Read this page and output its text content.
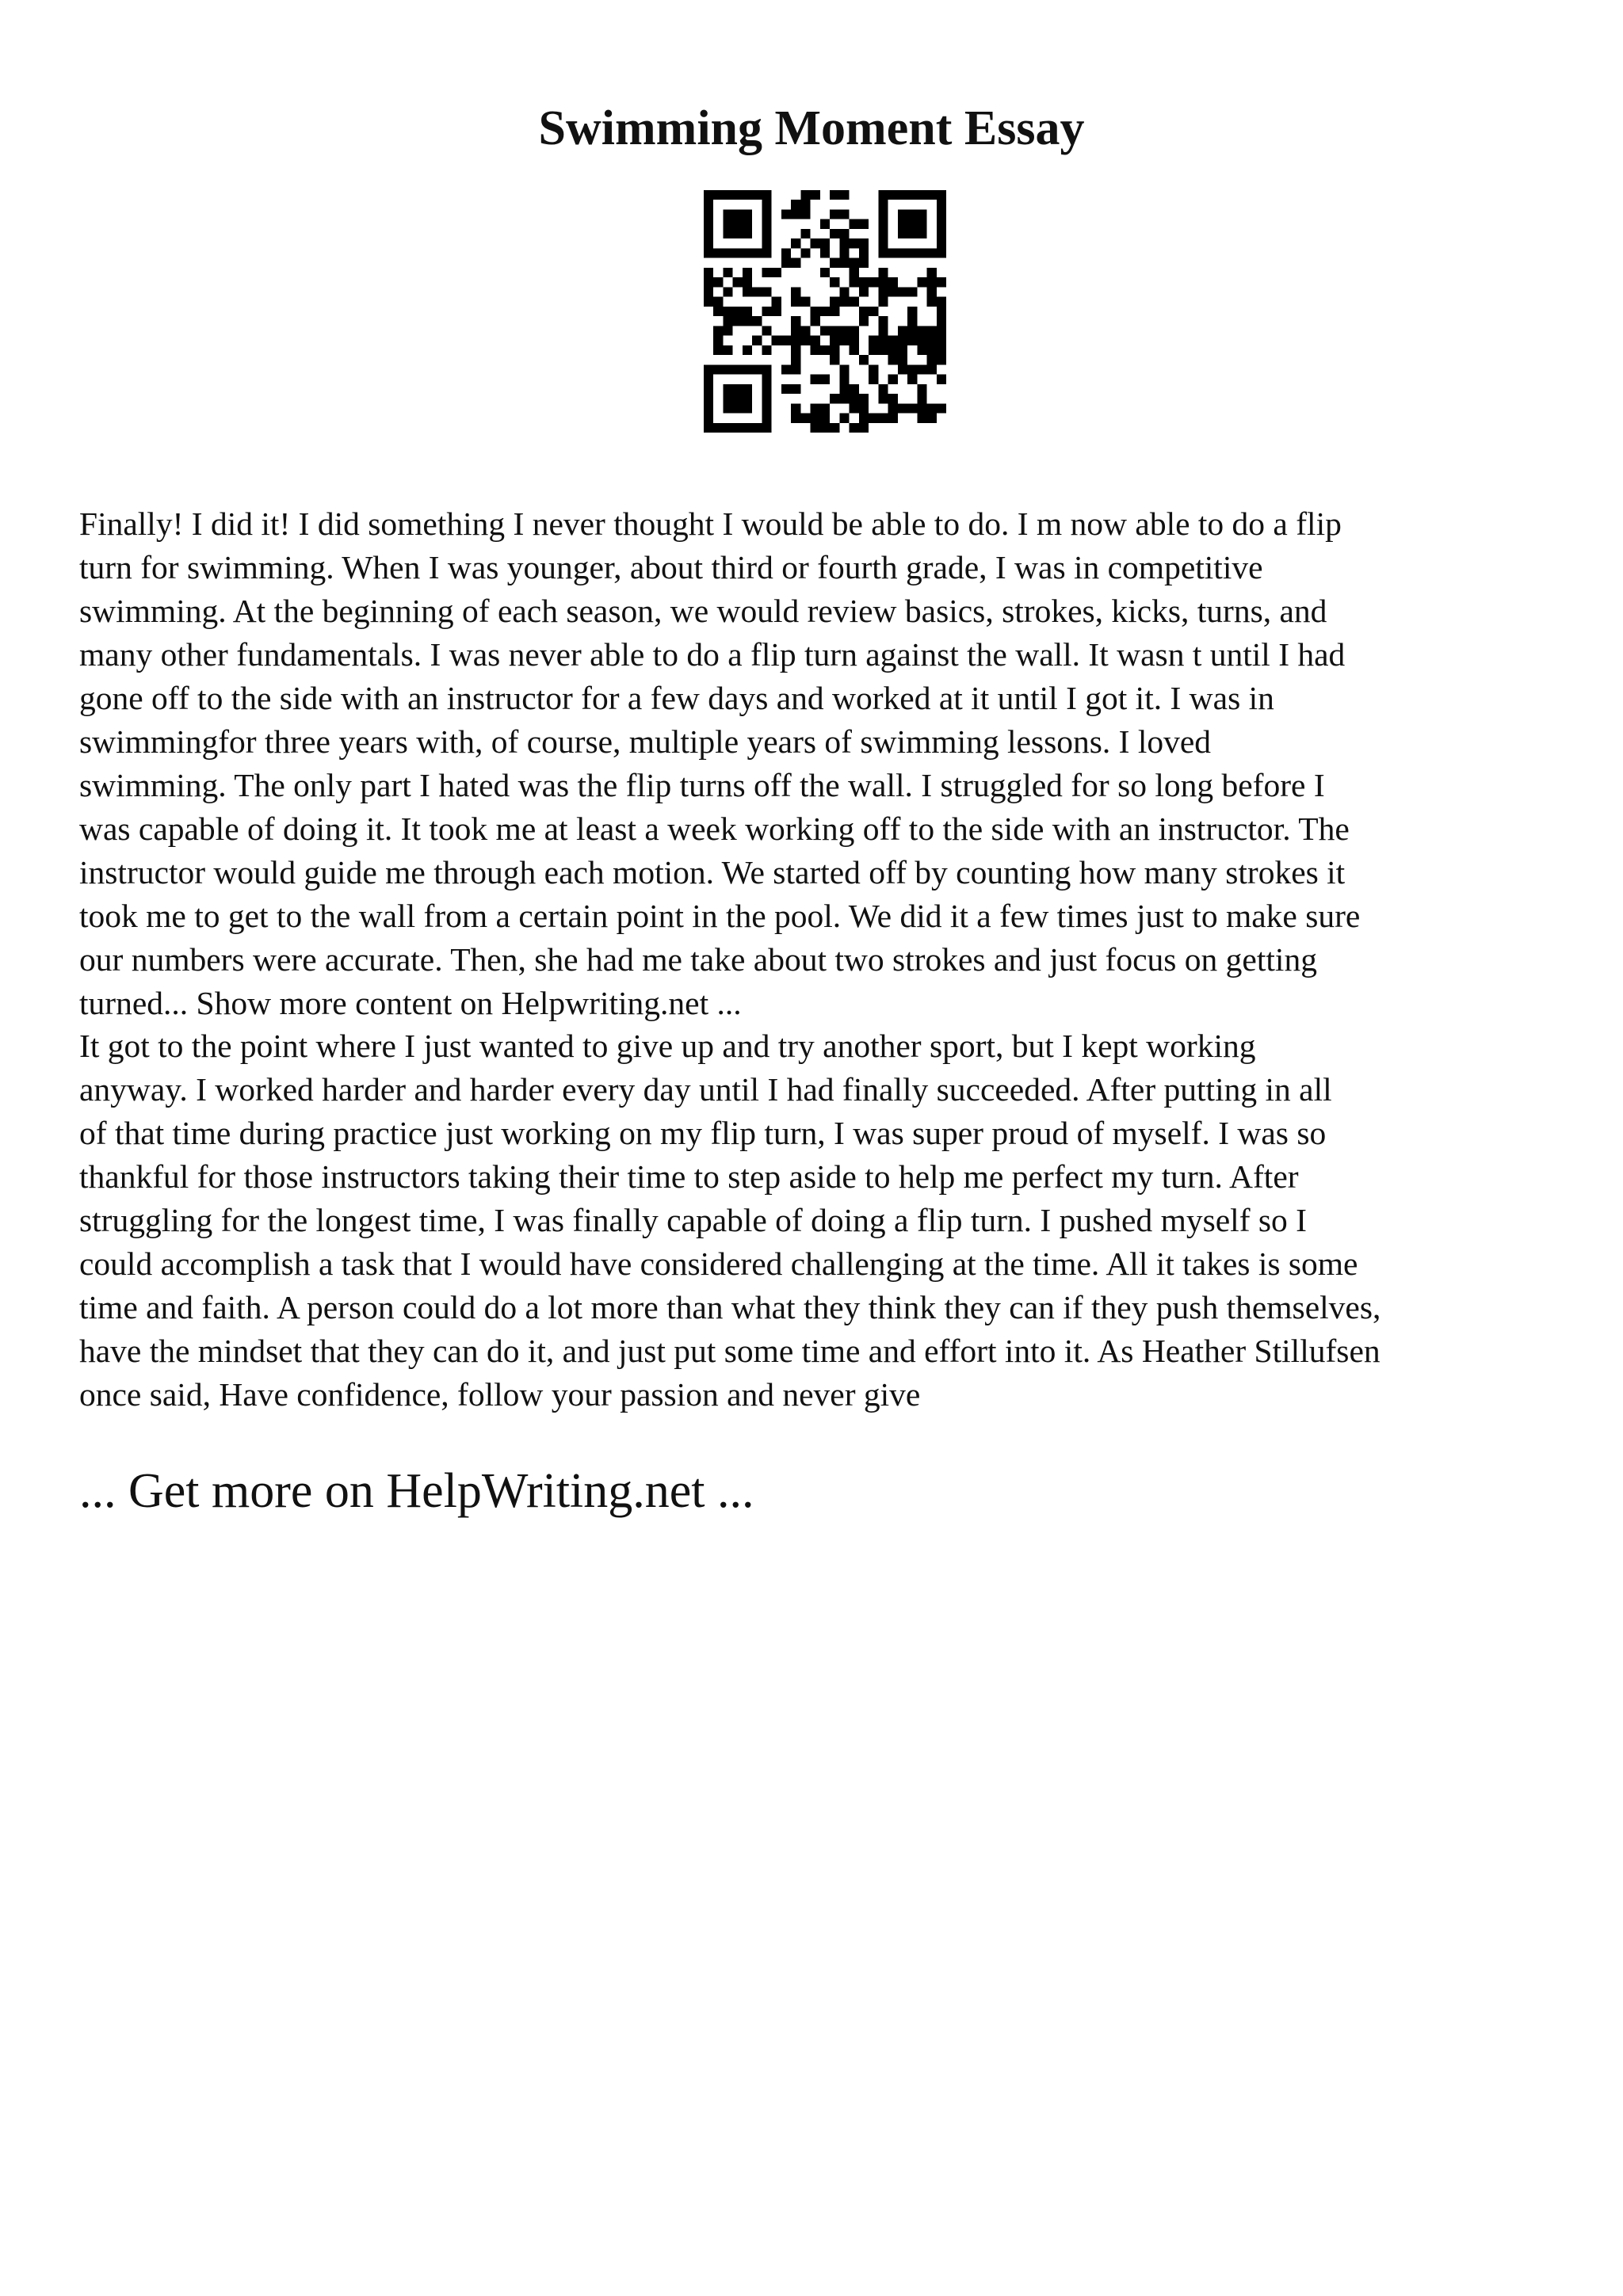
Swimming Moment Essay
Finally! I did it! I did something I never thought I would be able to do. I m now able to do a flip
turn for swimming. When I was younger, about third or fourth grade, I was in competitive
swimming. At the beginning of each season, we would review basics, strokes, kicks, turns, and
many other fundamentals. I was never able to do a flip turn against the wall. It wasn t until I had
gone off to the side with an instructor for a few days and worked at it until I got it. I was in
swimmingfor three years with, of course, multiple years of swimming lessons. I loved
swimming. The only part I hated was the flip turns off the wall. I struggled for so long before I
was capable of doing it. It took me at least a week working off to the side with an instructor. The
instructor would guide me through each motion. We started off by counting how many strokes it
took me to get to the wall from a certain point in the pool. We did it a few times just to make sure
our numbers were accurate. Then, she had me take about two strokes and just focus on getting
turned... Show more content on Helpwriting.net ...
It got to the point where I just wanted to give up and try another sport, but I kept working
anyway. I worked harder and harder every day until I had finally succeeded. After putting in all
of that time during practice just working on my flip turn, I was super proud of myself. I was so
thankful for those instructors taking their time to step aside to help me perfect my turn. After
struggling for the longest time, I was finally capable of doing a flip turn. I pushed myself so I
could accomplish a task that I would have considered challenging at the time. All it takes is some
time and faith. A person could do a lot more than what they think they can if they push themselves,
have the mindset that they can do it, and just put some time and effort into it. As Heather Stillufsen
once said, Have confidence, follow your passion and never give
... Get more on HelpWriting.net ...
